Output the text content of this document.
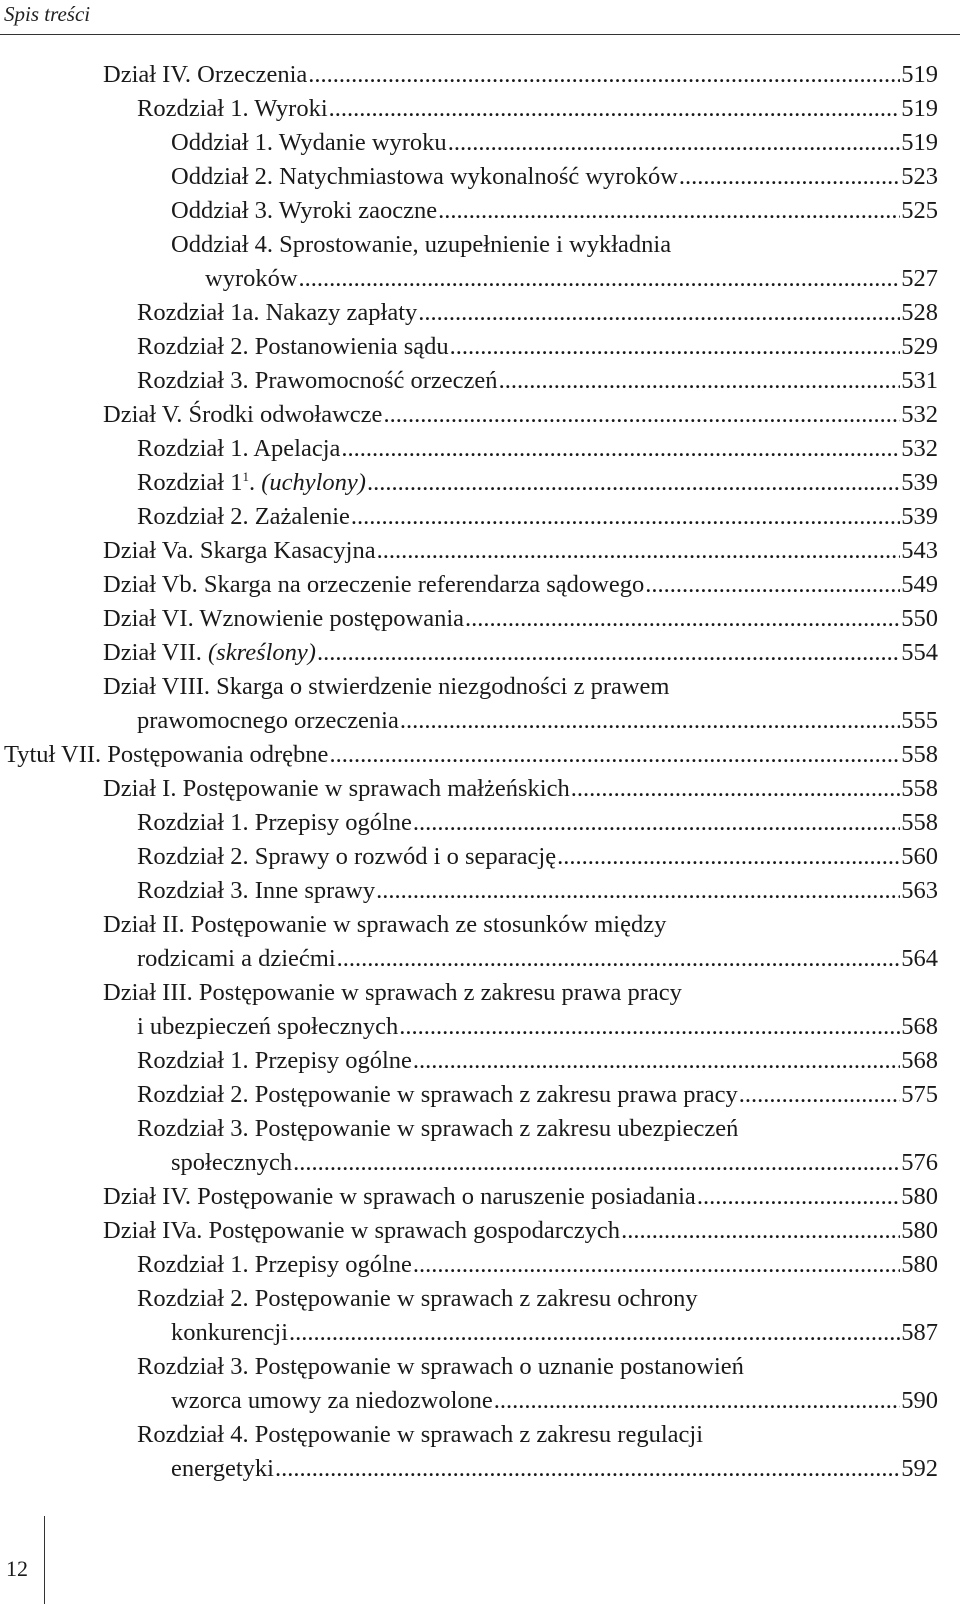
Spis treści
Dział IV. Orzeczenia .....	519
Rozdział 1. Wyroki .....	519
Oddział 1. Wydanie wyroku .....	519
Oddział 2. Natychmiastowa wykonalność wyroków .....	523
Oddział 3. Wyroki zaoczne .....	525
Oddział 4. Sprostowanie, uzupełnienie i wykładnia
wyroków .....	527
Rozdział 1a. Nakazy zapłaty .....	528
Rozdział 2. Postanowienia sądu .....	529
Rozdział 3. Prawomocność orzeczeń .....	531
Dział V. Środki odwoławcze .....	532
Rozdział 1. Apelacja .....	532
Rozdział $1^1$. (uchylony) .....	539
Rozdział 2. Zażalenie .....	539
Dział Va. Skarga Kasacyjna .....	543
Dział Vb. Skarga na orzeczenie referendarza sądowego .....	549
Dział VI. Wznowienie postępowania .....	550
Dział VII. (skreślony) .....	554
Dział VIII. Skarga o stwierdzenie niezgodności z prawem
prawomocnego orzeczenia .....	555
Tytuł VII. Postępowania odrębne .....	558
Dział I. Postępowanie w sprawach małżeńskich .....	558
Rozdział 1. Przepisy ogólne .....	558
Rozdział 2. Sprawy o rozwód i o separację .....	560
Rozdział 3. Inne sprawy .....	563
Dział II. Postępowanie w sprawach ze stosunków między
rodzicami a dziećmi .....	564
Dział III. Postępowanie w sprawach z zakresu prawa pracy
i ubezpieczeń społecznych .....	568
Rozdział 1. Przepisy ogólne .....	568
Rozdział 2. Postępowanie w sprawach z zakresu prawa pracy .....	575
Rozdział 3. Postępowanie w sprawach z zakresu ubezpieczeń
społecznych .....	576
Dział IV. Postępowanie w sprawach o naruszenie posiadania .....	580
Dział IVa. Postępowanie w sprawach gospodarczych .....	580
Rozdział 1. Przepisy ogólne .....	580
Rozdział 2. Postępowanie w sprawach z zakresu ochrony
konkurencji .....	587
Rozdział 3. Postępowanie w sprawach o uznanie postanowień
wzorca umowy za niedozwolone .....	590
Rozdział 4. Postępowanie w sprawach z zakresu regulacji
energetyki .....	592
12
